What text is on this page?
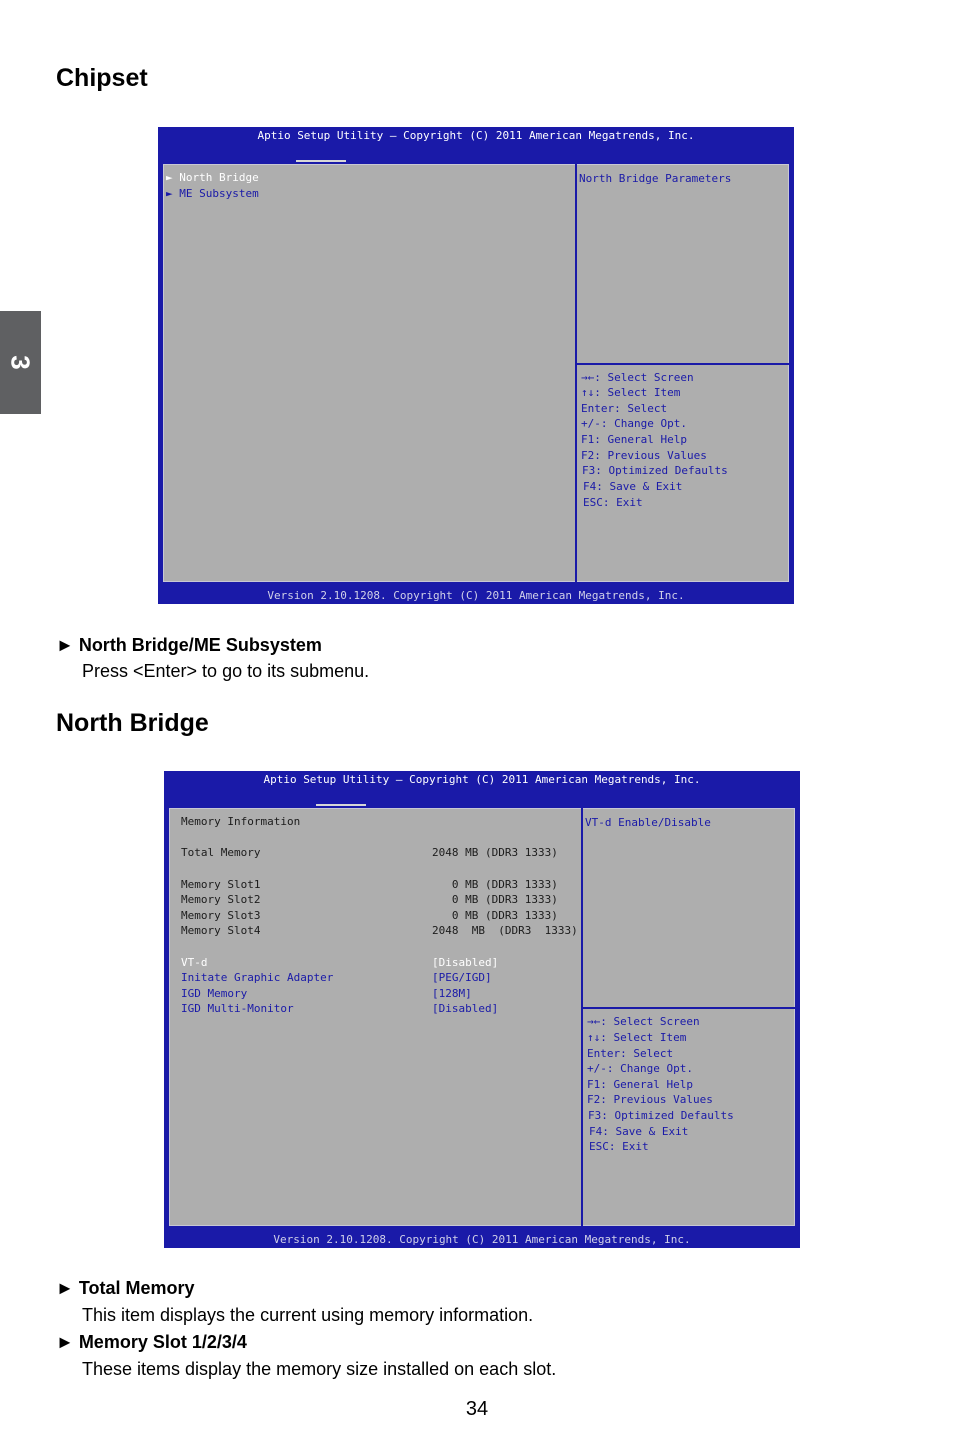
3
Chipset
Aptio Setup Utility – Copyright (C) 2011 American Megatrends, Inc.

► North Bridge
► ME Subsystem
North Bridge Parameters
→←: Select Screen
↑↓: Select Item
Enter: Select
+/-: Change Opt.
F1: General Help
F2: Previous Values
F3: Optimized Defaults
F4: Save & Exit
ESC: Exit
Version 2.10.1208. Copyright (C) 2011 American Megatrends, Inc.
► North Bridge/ME Subsystem
Press <Enter> to go to its submenu.
North Bridge
Aptio Setup Utility – Copyright (C) 2011 American Megatrends, Inc.

Memory Information
Total Memory	2048 MB (DDR3 1333)
Memory Slot1	0 MB (DDR3 1333)
Memory Slot2	0 MB (DDR3 1333)
Memory Slot3	0 MB (DDR3 1333)
Memory Slot4	2048  MB  (DDR3  1333)
VT-d	[Disabled]
Initate Graphic Adapter	[PEG/IGD]
IGD Memory	[128M]
IGD Multi-Monitor	[Disabled]
VT-d Enable/Disable
→←: Select Screen
↑↓: Select Item
Enter: Select
+/-: Change Opt.
F1: General Help
F2: Previous Values
F3: Optimized Defaults
F4: Save & Exit
ESC: Exit
Version 2.10.1208. Copyright (C) 2011 American Megatrends, Inc.
► Total Memory
This item displays the current using memory information.
► Memory Slot 1/2/3/4
These items display the memory size installed on each slot.
34
